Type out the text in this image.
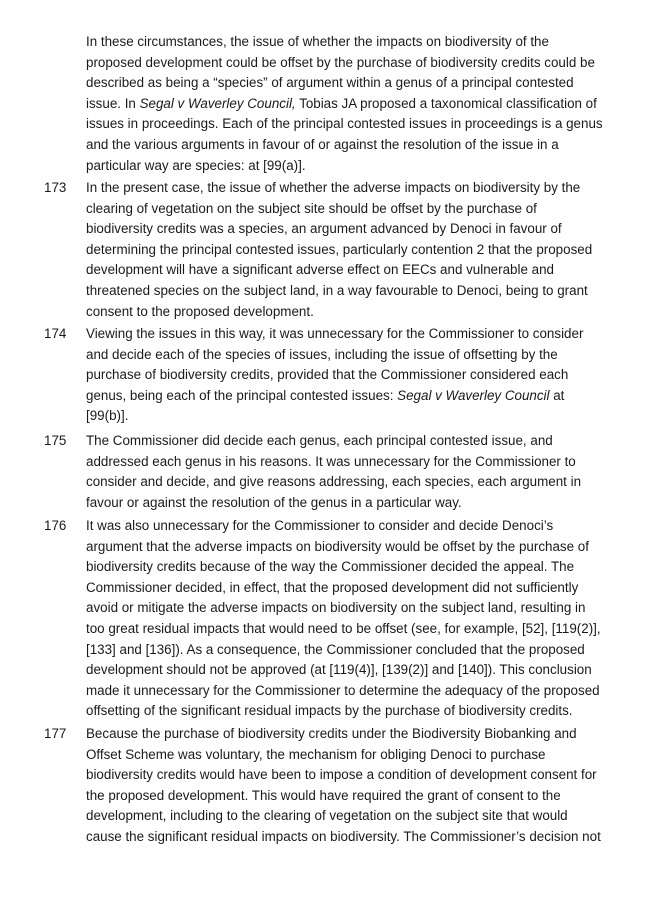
In these circumstances, the issue of whether the impacts on biodiversity of the
proposed development could be offset by the purchase of biodiversity credits could be
described as being a “species” of argument within a genus of a principal contested
issue. In Segal v Waverley Council, Tobias JA proposed a taxonomical classification of
issues in proceedings. Each of the principal contested issues in proceedings is a genus
and the various arguments in favour of or against the resolution of the issue in a
particular way are species: at [99(a)].
173 In the present case, the issue of whether the adverse impacts on biodiversity by the
clearing of vegetation on the subject site should be offset by the purchase of
biodiversity credits was a species, an argument advanced by Denoci in favour of
determining the principal contested issues, particularly contention 2 that the proposed
development will have a significant adverse effect on EECs and vulnerable and
threatened species on the subject land, in a way favourable to Denoci, being to grant
consent to the proposed development.
174 Viewing the issues in this way, it was unnecessary for the Commissioner to consider
and decide each of the species of issues, including the issue of offsetting by the
purchase of biodiversity credits, provided that the Commissioner considered each
genus, being each of the principal contested issues: Segal v Waverley Council at
[99(b)].
175 The Commissioner did decide each genus, each principal contested issue, and
addressed each genus in his reasons. It was unnecessary for the Commissioner to
consider and decide, and give reasons addressing, each species, each argument in
favour or against the resolution of the genus in a particular way.
176 It was also unnecessary for the Commissioner to consider and decide Denoci’s
argument that the adverse impacts on biodiversity would be offset by the purchase of
biodiversity credits because of the way the Commissioner decided the appeal. The
Commissioner decided, in effect, that the proposed development did not sufficiently
avoid or mitigate the adverse impacts on biodiversity on the subject land, resulting in
too great residual impacts that would need to be offset (see, for example, [52], [119(2)],
[133] and [136]). As a consequence, the Commissioner concluded that the proposed
development should not be approved (at [119(4)], [139(2)] and [140]). This conclusion
made it unnecessary for the Commissioner to determine the adequacy of the proposed
offsetting of the significant residual impacts by the purchase of biodiversity credits.
177 Because the purchase of biodiversity credits under the Biodiversity Biobanking and
Offset Scheme was voluntary, the mechanism for obliging Denoci to purchase
biodiversity credits would have been to impose a condition of development consent for
the proposed development. This would have required the grant of consent to the
development, including to the clearing of vegetation on the subject site that would
cause the significant residual impacts on biodiversity. The Commissioner’s decision not
